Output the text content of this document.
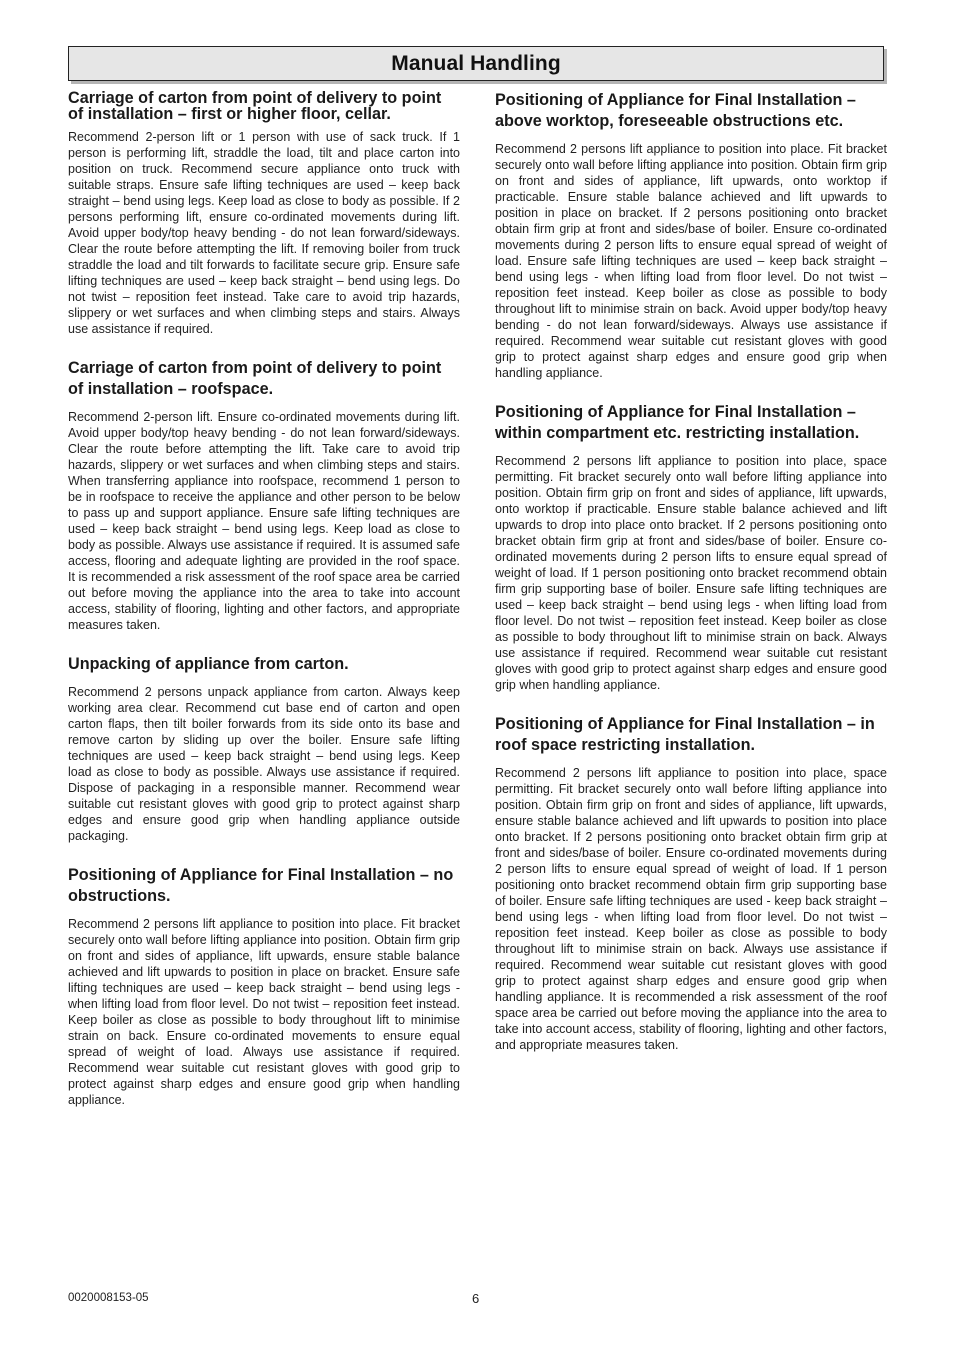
Manual Handling
Carriage of carton from point of delivery to point of installation – first or higher floor, cellar.

Recommend 2-person lift or 1 person with use of sack truck. If 1 person is performing lift, straddle the load, tilt and place carton into position on truck. Recommend secure appliance onto truck with suitable straps. Ensure safe lifting techniques are used – keep back straight – bend using legs. Keep load as close to body as possible. If 2 persons performing lift, ensure co-ordinated movements during lift. Avoid upper body/top heavy bending - do not lean forward/sideways. Clear the route before attempting the lift. If removing boiler from truck straddle the load and tilt forwards to facilitate secure grip. Ensure safe lifting techniques are used – keep back straight – bend using legs. Do not twist – reposition feet instead. Take care to avoid trip hazards, slippery or wet surfaces and when climbing steps and stairs. Always use assistance if required.

Carriage of carton from point of delivery to point of installation – roofspace.

Recommend 2-person lift. Ensure co-ordinated movements during lift. Avoid upper body/top heavy bending - do not lean forward/sideways. Clear the route before attempting the lift. Take care to avoid trip hazards, slippery or wet surfaces and when climbing steps and stairs. When transferring appliance into roofspace, recommend 1 person to be in roofspace to receive the appliance and other person to be below to pass up and support appliance. Ensure safe lifting techniques are used – keep back straight – bend using legs. Keep load as close to body as possible. Always use assistance if required. It is assumed safe access, flooring and adequate lighting are provided in the roof space. It is recommended a risk assessment of the roof space area be carried out before moving the appliance into the area to take into account access, stability of flooring, lighting and other factors, and appropriate measures taken.

Unpacking of appliance from carton.

Recommend 2 persons unpack appliance from carton. Always keep working area clear. Recommend cut base end of carton and open carton flaps, then tilt boiler forwards from its side onto its base and remove carton by sliding up over the boiler. Ensure safe lifting techniques are used – keep back straight – bend using legs. Keep load as close to body as possible. Always use assistance if required. Dispose of packaging in a responsible manner. Recommend wear suitable cut resistant gloves with good grip to protect against sharp edges and ensure good grip when handling appliance outside packaging.

Positioning of Appliance for Final Installation – no obstructions.

Recommend 2 persons lift appliance to position into place. Fit bracket securely onto wall before lifting appliance into position. Obtain firm grip on front and sides of appliance, lift upwards, ensure stable balance achieved and lift upwards to position in place on bracket. Ensure safe lifting techniques are used – keep back straight – bend using legs - when lifting load from floor level. Do not twist – reposition feet instead. Keep boiler as close as possible to body throughout lift to minimise strain on back. Ensure co-ordinated movements to ensure equal spread of weight of load. Always use assistance if required. Recommend wear suitable cut resistant gloves with good grip to protect against sharp edges and ensure good grip when handling appliance.

Positioning of Appliance for Final Installation – above worktop, foreseeable obstructions etc.

Recommend 2 persons lift appliance to position into place. Fit bracket securely onto wall before lifting appliance into position. Obtain firm grip on front and sides of appliance, lift upwards, onto worktop if practicable. Ensure stable balance achieved and lift upwards to position in place on bracket. If 2 persons positioning onto bracket obtain firm grip at front and sides/base of boiler. Ensure co-ordinated movements during 2 person lifts to ensure equal spread of weight of load. Ensure safe lifting techniques are used – keep back straight – bend using legs - when lifting load from floor level. Do not twist – reposition feet instead. Keep boiler as close as possible to body throughout lift to minimise strain on back. Avoid upper body/top heavy bending - do not lean forward/sideways. Always use assistance if required. Recommend wear suitable cut resistant gloves with good grip to protect against sharp edges and ensure good grip when handling appliance.

Positioning of Appliance for Final Installation – within compartment etc. restricting installation.

Recommend 2 persons lift appliance to position into place, space permitting. Fit bracket securely onto wall before lifting appliance into position. Obtain firm grip on front and sides of appliance, lift upwards, onto worktop if practicable. Ensure stable balance achieved and lift upwards to drop into place onto bracket. If 2 persons positioning onto bracket obtain firm grip at front and sides/base of boiler. Ensure co-ordinated movements during 2 person lifts to ensure equal spread of weight of load. If 1 person positioning onto bracket recommend obtain firm grip supporting base of boiler. Ensure safe lifting techniques are used – keep back straight – bend using legs - when lifting load from floor level. Do not twist – reposition feet instead. Keep boiler as close as possible to body throughout lift to minimise strain on back. Always use assistance if required. Recommend wear suitable cut resistant gloves with good grip to protect against sharp edges and ensure good grip when handling appliance.

Positioning of Appliance for Final Installation – in roof space restricting installation.

Recommend 2 persons lift appliance to position into place, space permitting. Fit bracket securely onto wall before lifting appliance into position. Obtain firm grip on front and sides of appliance, lift upwards, ensure stable balance achieved and lift upwards to position into place onto bracket. If 2 persons positioning onto bracket obtain firm grip at front and sides/base of boiler. Ensure co-ordinated movements during 2 person lifts to ensure equal spread of weight of load. If 1 person positioning onto bracket recommend obtain firm grip supporting base of boiler. Ensure safe lifting techniques are used - keep back straight – bend using legs - when lifting load from floor level. Do not twist – reposition feet instead. Keep boiler as close as possible to body throughout lift to minimise strain on back. Always use assistance if required. Recommend wear suitable cut resistant gloves with good grip to protect against sharp edges and ensure good grip when handling appliance. It is recommended a risk assessment of the roof space area be carried out before moving the appliance into the area to take into account access, stability of flooring, lighting and other factors, and appropriate measures taken.

0020008153-05	6
